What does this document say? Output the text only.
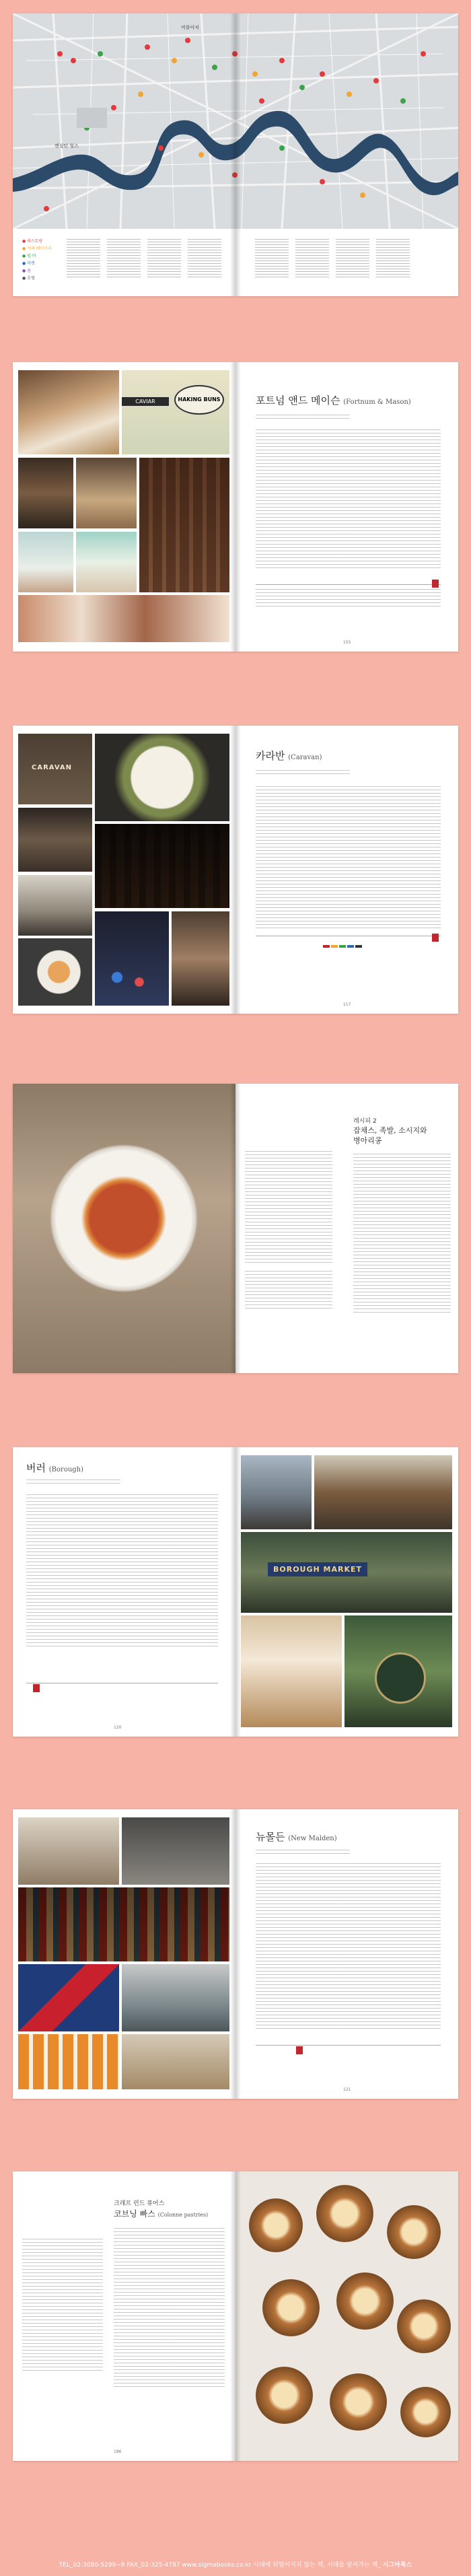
머블아치
켄싱턴 힐스
● 레스토랑
● 카페·베이커리
● 펍·바
● 마켓
● 숍
● 호텔
CAVIAR	HAKING BUNS	포트넘 앤드 메이슨 (Fortnum & Mason)
155
CARAVAN
카라반 (Caravan)
117
레시피 2
잡채스, 족발, 소시지와
병아리콩
버러 (Borough)
120
BOROUGH MARKET
뉴몰든 (New Malden)
121
크래프 런드 퓨어스
코브닝 빠스 (Colonne pastries)
186
TEL_02-3080-5299~8 FAX_02-325-4787 www.sigmabooks.co.kr 시대에 뒤떨어지지 않는 책, 시대를 앞서가는 책_ 시그마북스
